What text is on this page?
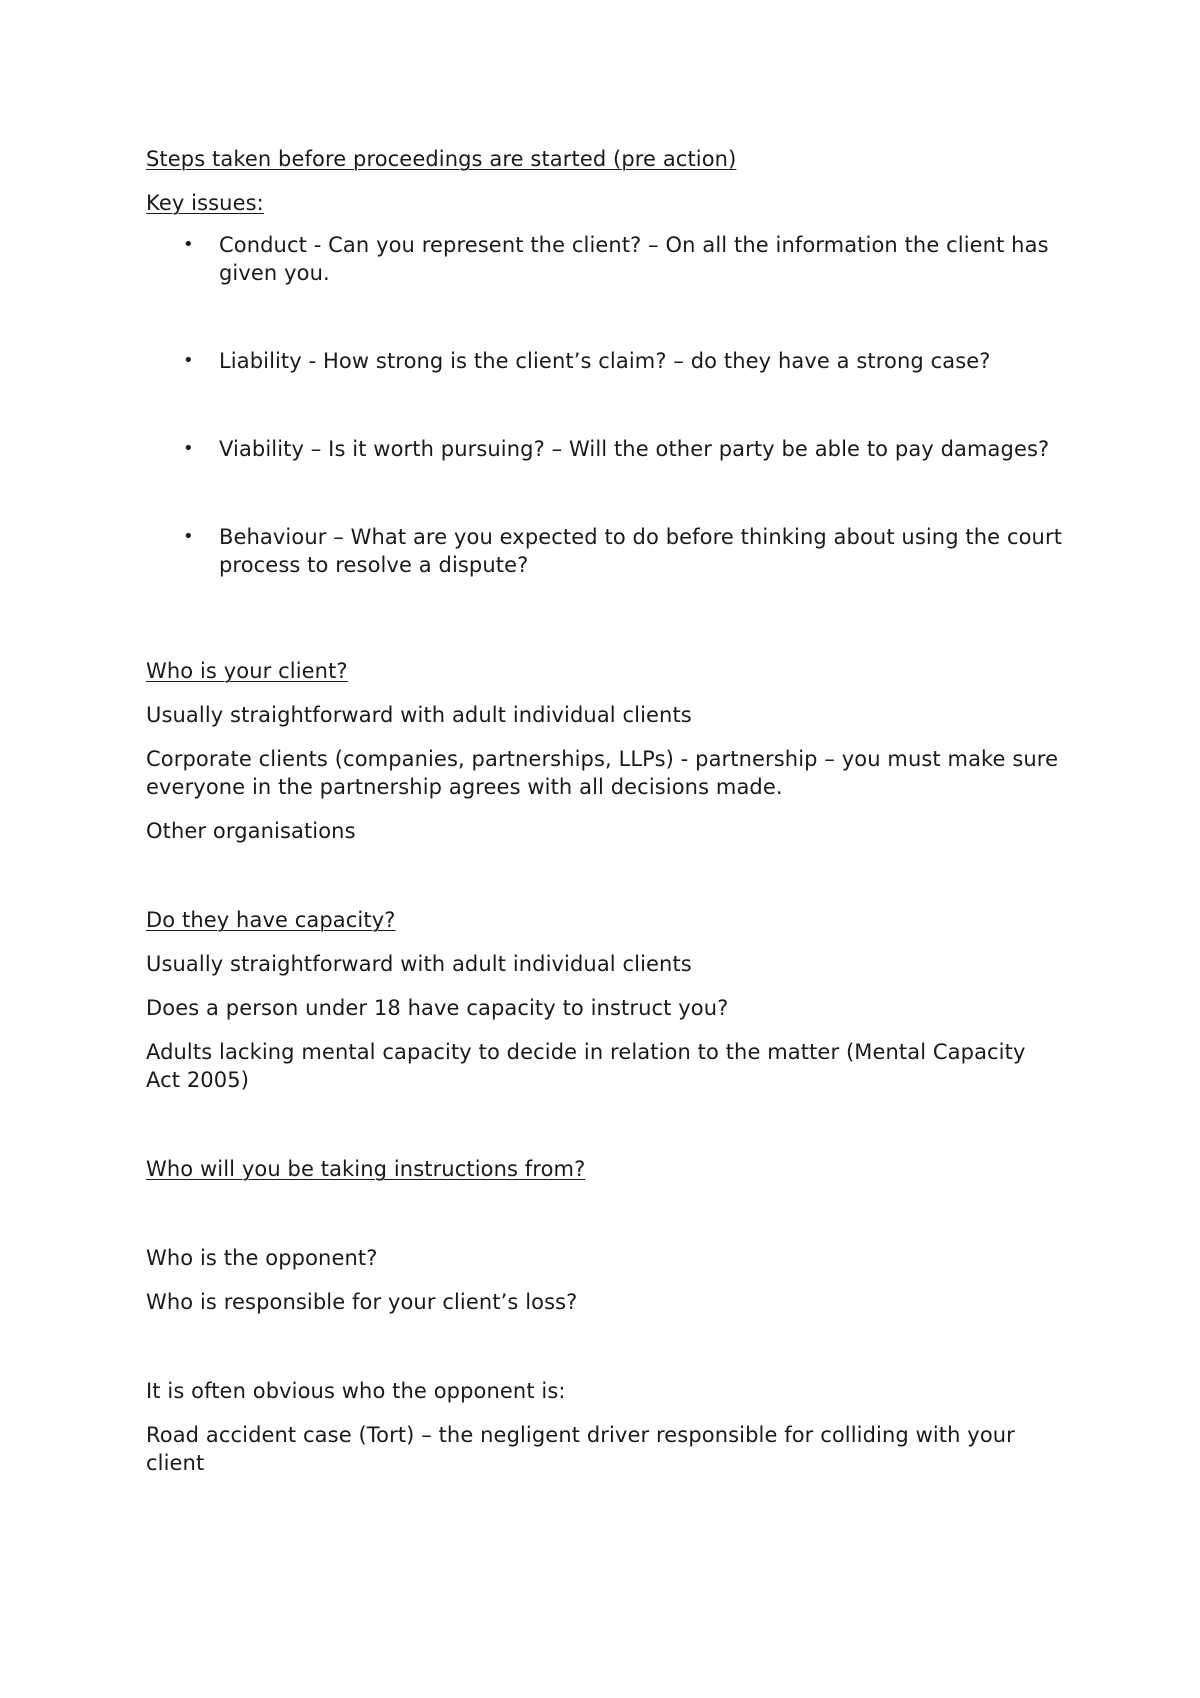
Steps taken before proceedings are started (pre action)

Key issues:

• Conduct - Can you represent the client? – On all the information the client has given you.
• Liability - How strong is the client’s claim? – do they have a strong case?
• Viability – Is it worth pursuing? – Will the other party be able to pay damages?
• Behaviour – What are you expected to do before thinking about using the court process to resolve a dispute?

Who is your client?

Usually straightforward with adult individual clients

Corporate clients (companies, partnerships, LLPs) - partnership – you must make sure everyone in the partnership agrees with all decisions made.

Other organisations

Do they have capacity?

Usually straightforward with adult individual clients

Does a person under 18 have capacity to instruct you?

Adults lacking mental capacity to decide in relation to the matter (Mental Capacity Act 2005)

Who will you be taking instructions from?

Who is the opponent?

Who is responsible for your client’s loss?

It is often obvious who the opponent is:

Road accident case (Tort) – the negligent driver responsible for colliding with your client
